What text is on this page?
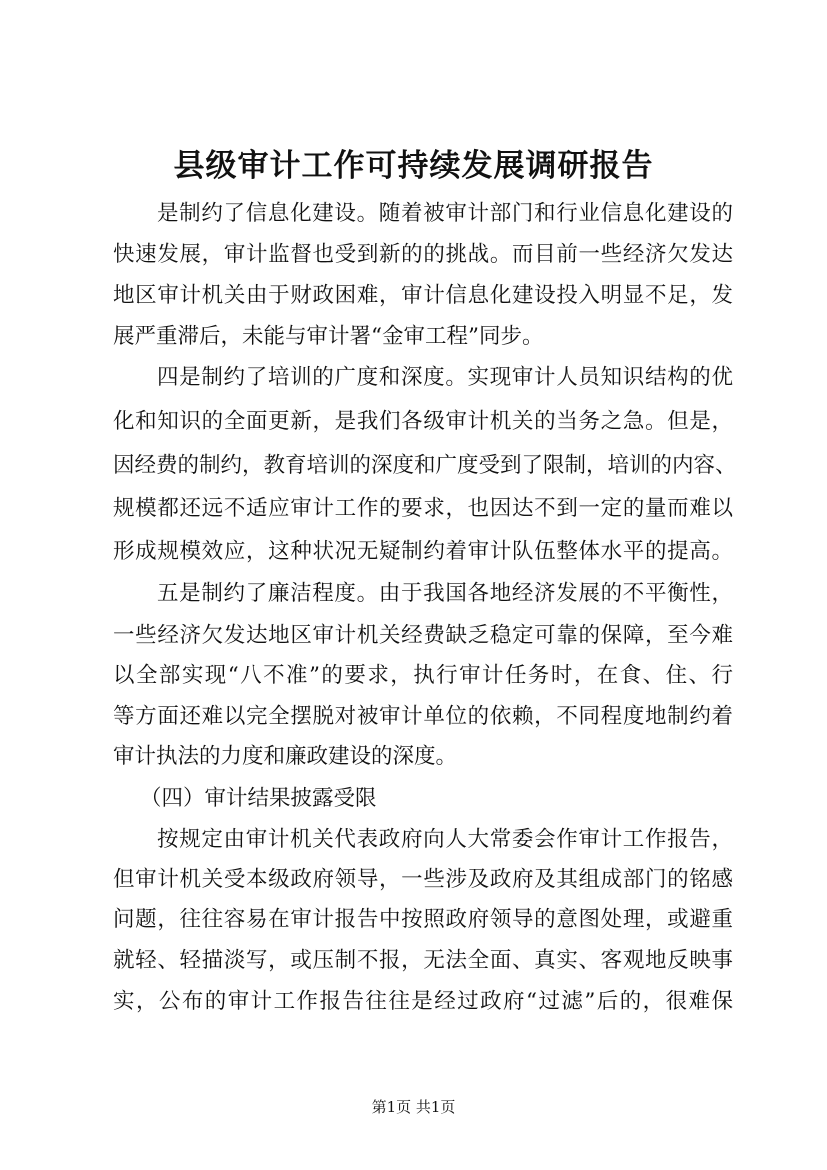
县级审计工作可持续发展调研报告
是制约了信息化建设。随着被审计部门和行业信息化建设的
快速发展，审计监督也受到新的的挑战。而目前一些经济欠发达
地区审计机关由于财政困难，审计信息化建设投入明显不足，发
展严重滞后，未能与审计署“金审工程”同步。
四是制约了培训的广度和深度。实现审计人员知识结构的优
化和知识的全面更新，是我们各级审计机关的当务之急。但是，
因经费的制约，教育培训的深度和广度受到了限制，培训的内容、
规模都还远不适应审计工作的要求，也因达不到一定的量而难以
形成规模效应，这种状况无疑制约着审计队伍整体水平的提高。
五是制约了廉洁程度。由于我国各地经济发展的不平衡性，
一些经济欠发达地区审计机关经费缺乏稳定可靠的保障，至今难
以全部实现“八不准”的要求，执行审计任务时，在食、住、行
等方面还难以完全摆脱对被审计单位的依赖，不同程度地制约着
审计执法的力度和廉政建设的深度。
（四）审计结果披露受限
按规定由审计机关代表政府向人大常委会作审计工作报告，
但审计机关受本级政府领导，一些涉及政府及其组成部门的铭感
问题，往往容易在审计报告中按照政府领导的意图处理，或避重
就轻、轻描淡写，或压制不报，无法全面、真实、客观地反映事
实，公布的审计工作报告往往是经过政府“过滤”后的，很难保
第1页 共1页
